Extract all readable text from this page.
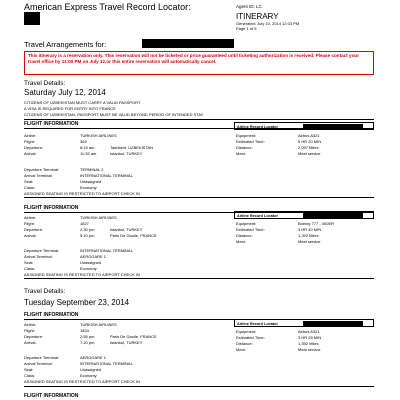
American Express Travel Record Locator:	Agent ID: LC
ITINERARY
Generated: July 10, 2014 12:03 PM
Page 1 of 5
Travel Arrangements for:
This itinerary is a reservation only. This reservation will not be ticketed or price guaranteed until ticketing authorization is received. Please contact your travel office by 11:00 PM on July 12,or this entire reservation will automatically cancel.
Travel Details:
Saturday July 12, 2014
CITIZENS OF UZBEKISTAN MUST CARRY A VALID PASSPORT
A VISA IS REQUIRED FOR ENTRY INTO FRANCE
CITIZENS OF UZBEKISTAN- PASSPORT MUST BE VALID BEYOND PERIOD OF INTENDED STAY
FLIGHT INFORMATION	Airline Record Locator
Airline:	TURKISH AIRLINES
Flight:	369
Departure:	8:15 am	Tashkent, UZBEKISTAN
Arrival:	11:35 am	Istanbul, TURKEY
Equipment:	Airbus A321
Estimated Time:	5 HR 20 MIN
Distance:	2,097 Miles
Meal:	Meal service
Departure Terminal:	TERMINAL 2
Arrival Terminal:	INTERNATIONAL TERMINAL
Seat:	Unassigned
Class:	Economy
ASSIGNED SEATING IS RESTRICTED TO AIRPORT CHECK IN
FLIGHT INFORMATION
Airline Record Locator
Airline:	TURKISH AIRLINES
Flight:	1827
Departure:	2:30 pm	Istanbul, TURKEY
Arrival:	5:10 pm	Paris De Gaulle, FRANCE
Equipment:	Boeing 777 - 300ER
Estimated Time:	3 HR 40 MIN
Distance:	1,392 Miles
Meal:	Meal service
Departure Terminal:	INTERNATIONAL TERMINAL
Arrival Terminal:	AEROGARE 1
Seat:	Unassigned
Class:	Economy
ASSIGNED SEATING IS RESTRICTED TO AIRPORT CHECK IN
Travel Details:
Tuesday September 23, 2014
FLIGHT INFORMATION
Airline Record Locator
Airline:	TURKISH AIRLINES
Flight:	1824
Departure:	2:55 pm	Paris De Gaulle, FRANCE
Arrival:	7:20 pm	Istanbul, TURKEY
Equipment:	Airbus A321
Estimated Time:	3 HR 25 MIN
Distance:	1,392 Miles
Meal:	Meal service
Departure Terminal:	AEROGARE 1
Arrival Terminal:	INTERNATIONAL TERMINAL
Seat:	Unassigned
Class:	Economy
ASSIGNED SEATING IS RESTRICTED TO AIRPORT CHECK IN
FLIGHT INFORMATION
